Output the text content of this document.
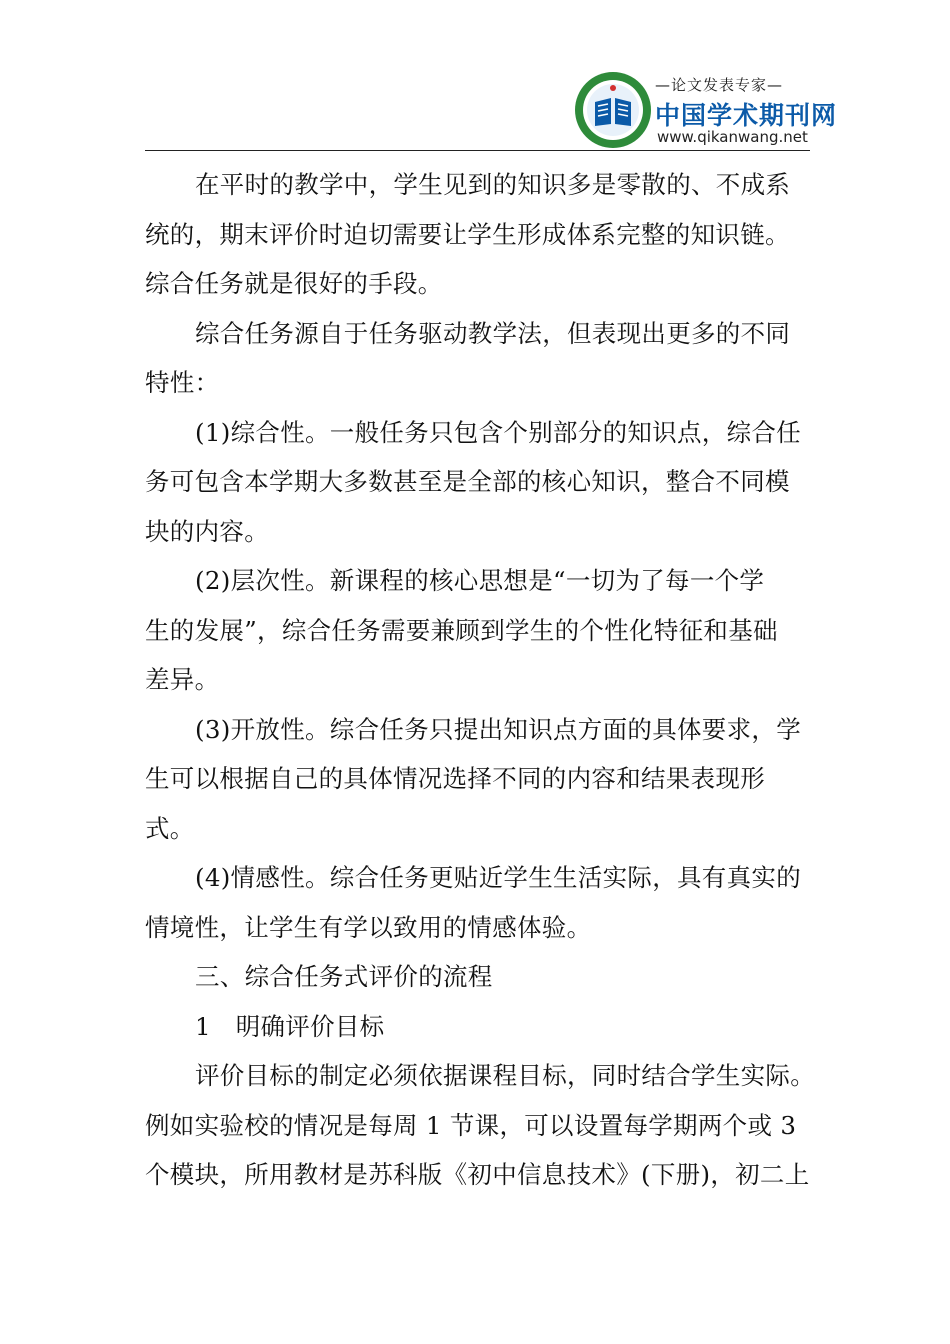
—论文发表专家—
中国学术期刊网
www.qikanwang.net
在平时的教学中，学生见到的知识多是零散的、不成系
统的，期末评价时迫切需要让学生形成体系完整的知识链。
综合任务就是很好的手段。
综合任务源自于任务驱动教学法，但表现出更多的不同
特性：
(1)综合性。一般任务只包含个别部分的知识点，综合任
务可包含本学期大多数甚至是全部的核心知识，整合不同模
块的内容。
(2)层次性。新课程的核心思想是“一切为了每一个学
生的发展”，综合任务需要兼顾到学生的个性化特征和基础
差异。
(3)开放性。综合任务只提出知识点方面的具体要求，学
生可以根据自己的具体情况选择不同的内容和结果表现形
式。
(4)情感性。综合任务更贴近学生生活实际，具有真实的
情境性，让学生有学以致用的情感体验。
三、综合任务式评价的流程
1　明确评价目标
评价目标的制定必须依据课程目标，同时结合学生实际。
例如实验校的情况是每周 1 节课，可以设置每学期两个或 3
个模块，所用教材是苏科版《初中信息技术》(下册)，初二上
